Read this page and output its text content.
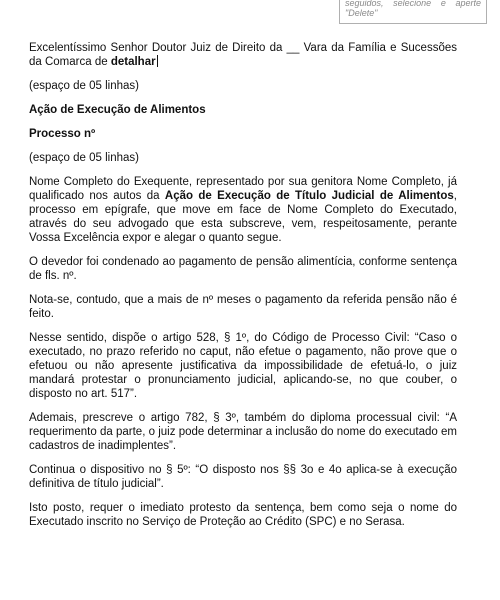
seguidos, selecione e aperte "Delete"

Excelentíssimo Senhor Doutor Juiz de Direito da __ Vara da Família e Sucessões da Comarca de detalhar

(espaço de 05 linhas)

Ação de Execução de Alimentos

Processo nº

(espaço de 05 linhas)

Nome Completo do Exequente, representado por sua genitora Nome Completo, já qualificado nos autos da Ação de Execução de Título Judicial de Alimentos, processo em epígrafe, que move em face de Nome Completo do Executado, através do seu advogado que esta subscreve, vem, respeitosamente, perante Vossa Excelência expor e alegar o quanto segue.

O devedor foi condenado ao pagamento de pensão alimentícia, conforme sentença de fls. nº.

Nota-se, contudo, que a mais de nº meses o pagamento da referida pensão não é feito.

Nesse sentido, dispõe o artigo 528, § 1º, do Código de Processo Civil: “Caso o executado, no prazo referido no caput, não efetue o pagamento, não prove que o efetuou ou não apresente justificativa da impossibilidade de efetuá-lo, o juiz mandará protestar o pronunciamento judicial, aplicando-se, no que couber, o disposto no art. 517”.

Ademais, prescreve o artigo 782, § 3º, também do diploma processual civil: “A requerimento da parte, o juiz pode determinar a inclusão do nome do executado em cadastros de inadimplentes”.

Continua o dispositivo no § 5º: “O disposto nos §§ 3o e 4o aplica-se à execução definitiva de título judicial”.

Isto posto, requer o imediato protesto da sentença, bem como seja o nome do Executado inscrito no Serviço de Proteção ao Crédito (SPC) e no Serasa.
